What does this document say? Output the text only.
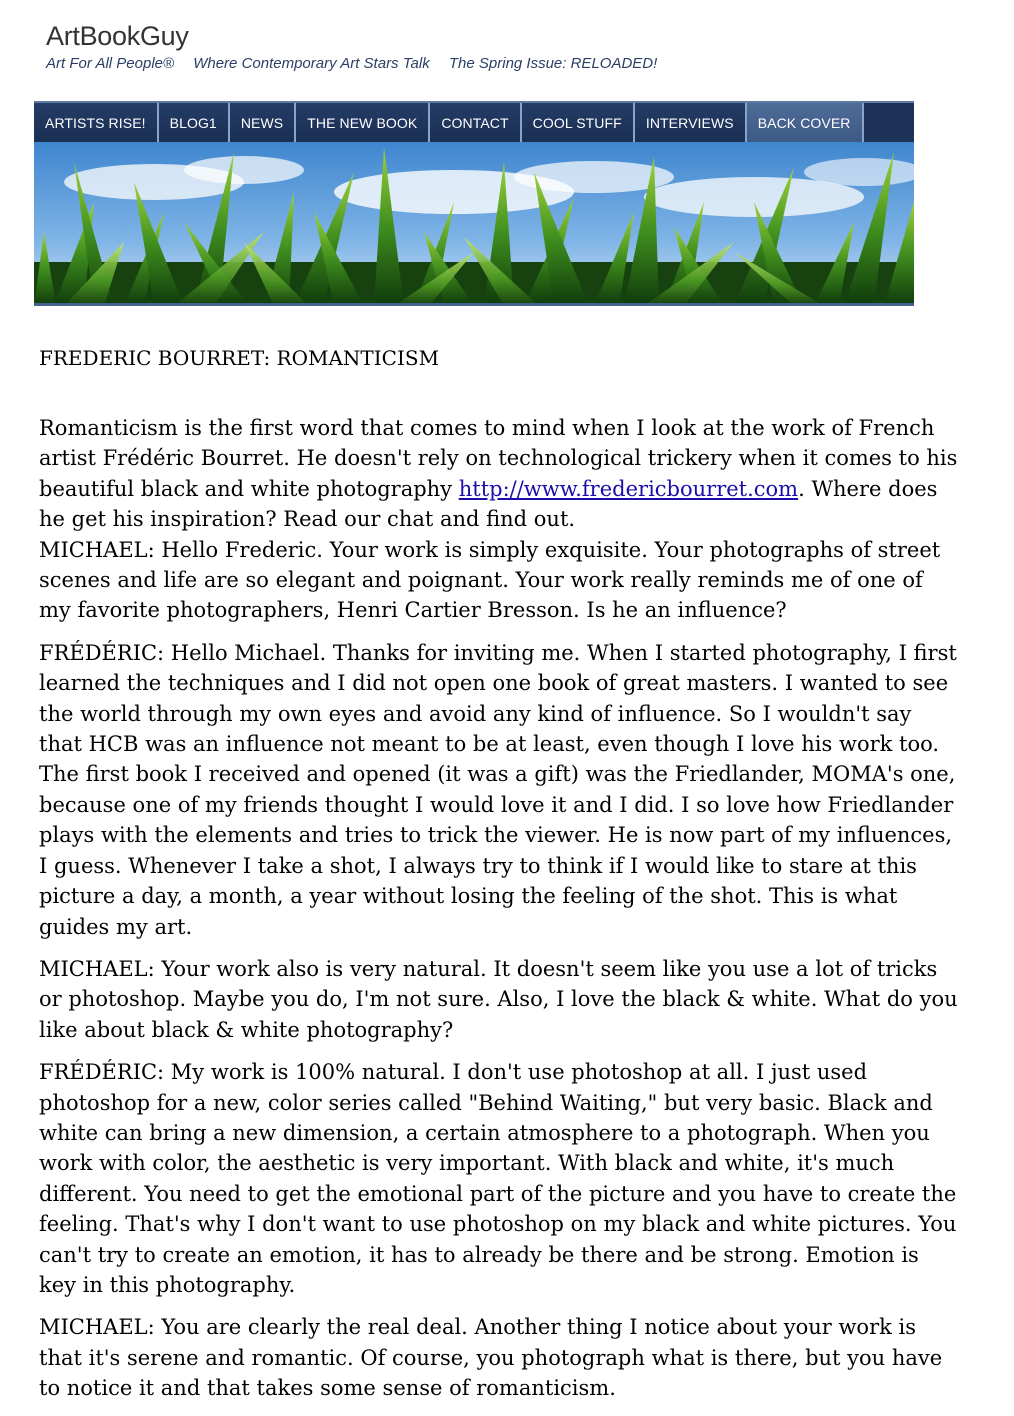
ArtBookGuy
Art For All People® Where Contemporary Art Stars Talk The Spring Issue: RELOADED!
ARTISTS RISE!	BLOG1	NEWS	THE NEW BOOK	CONTACT	COOL STUFF	INTERVIEWS	BACK COVER
FREDERIC BOURRET: ROMANTICISM

Romanticism is the first word that comes to mind when I look at the work of French artist Frédéric Bourret. He doesn't rely on technological trickery when it comes to his beautiful black and white photography http://www.fredericbourret.com. Where does he get his inspiration? Read our chat and find out.

MICHAEL: Hello Frederic. Your work is simply exquisite. Your photographs of street scenes and life are so elegant and poignant. Your work really reminds me of one of my favorite photographers, Henri Cartier Bresson. Is he an influence?

FRÉDÉRIC: Hello Michael. Thanks for inviting me. When I started photography, I first learned the techniques and I did not open one book of great masters. I wanted to see the world through my own eyes and avoid any kind of influence. So I wouldn't say that HCB was an influence not meant to be at least, even though I love his work too. The first book I received and opened (it was a gift) was the Friedlander, MOMA's one, because one of my friends thought I would love it and I did. I so love how Friedlander plays with the elements and tries to trick the viewer. He is now part of my influences, I guess. Whenever I take a shot, I always try to think if I would like to stare at this picture a day, a month, a year without losing the feeling of the shot. This is what guides my art.

MICHAEL: Your work also is very natural. It doesn't seem like you use a lot of tricks or photoshop. Maybe you do, I'm not sure. Also, I love the black & white. What do you like about black & white photography?

FRÉDÉRIC: My work is 100% natural. I don't use photoshop at all. I just used photoshop for a new, color series called "Behind Waiting," but very basic. Black and white can bring a new dimension, a certain atmosphere to a photograph. When you work with color, the aesthetic is very important. With black and white, it's much different. You need to get the emotional part of the picture and you have to create the feeling. That's why I don't want to use photoshop on my black and white pictures. You can't try to create an emotion, it has to already be there and be strong. Emotion is key in this photography.

MICHAEL: You are clearly the real deal. Another thing I notice about your work is that it's serene and romantic. Of course, you photograph what is there, but you have to notice it and that takes some sense of romanticism.
